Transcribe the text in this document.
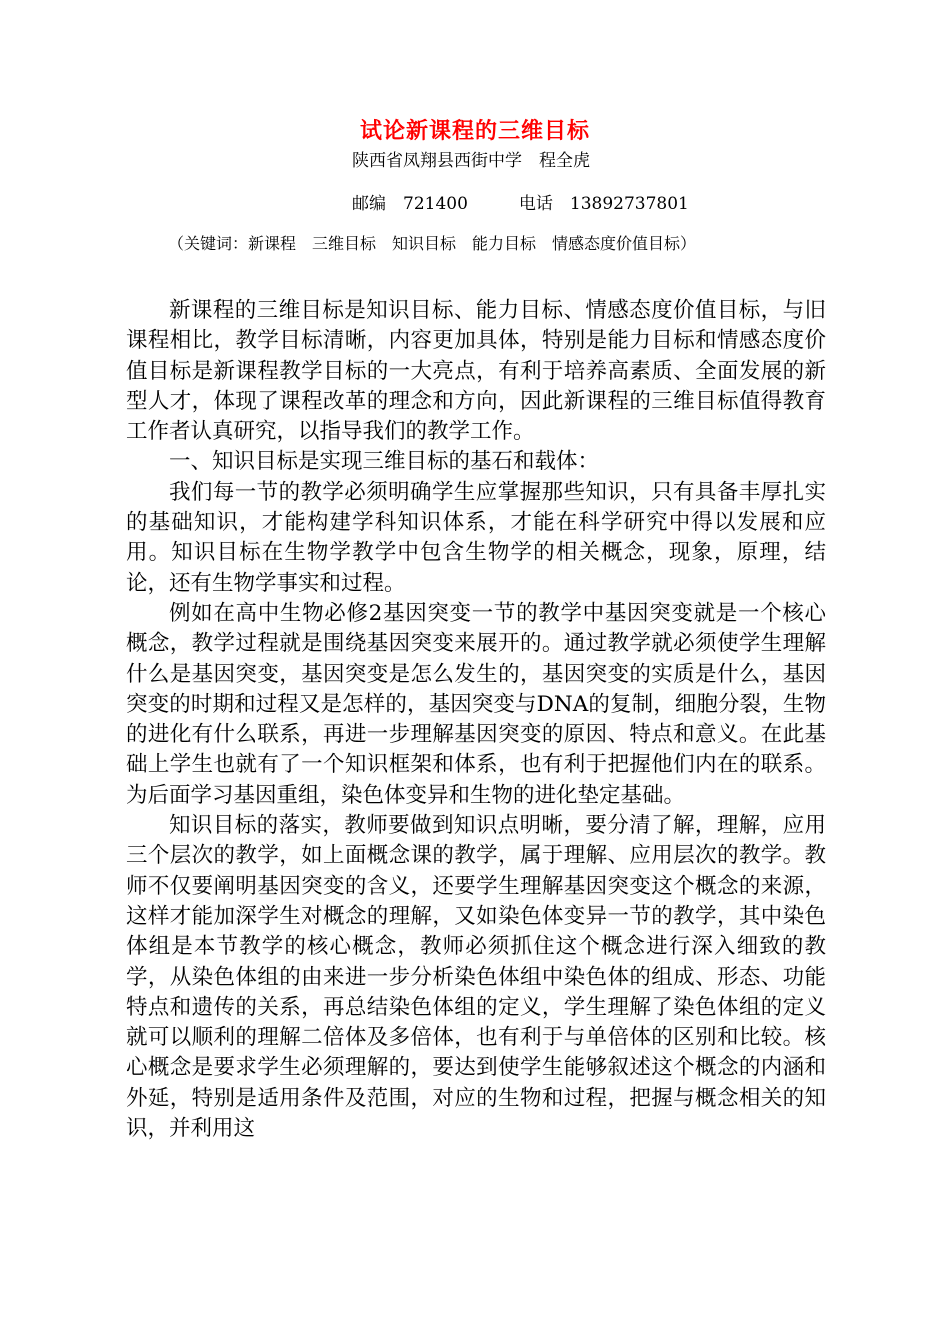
试论新课程的三维目标
陕西省凤翔县西街中学　程全虎
邮编　721400　　　电话　13892737801
（关键词：新课程　三维目标　知识目标　能力目标　情感态度价值目标）

新课程的三维目标是知识目标、能力目标、情感态度价值目标，与旧课程相比，教学目标清晰，内容更加具体，特别是能力目标和情感态度价值目标是新课程教学目标的一大亮点，有利于培养高素质、全面发展的新型人才，体现了课程改革的理念和方向，因此新课程的三维目标值得教育工作者认真研究，以指导我们的教学工作。

一、知识目标是实现三维目标的基石和载体：

我们每一节的教学必须明确学生应掌握那些知识，只有具备丰厚扎实的基础知识，才能构建学科知识体系，才能在科学研究中得以发展和应用。知识目标在生物学教学中包含生物学的相关概念，现象，原理，结论，还有生物学事实和过程。

例如在高中生物必修2基因突变一节的教学中基因突变就是一个核心概念，教学过程就是围绕基因突变来展开的。通过教学就必须使学生理解什么是基因突变，基因突变是怎么发生的，基因突变的实质是什么，基因突变的时期和过程又是怎样的，基因突变与DNA的复制，细胞分裂，生物的进化有什么联系，再进一步理解基因突变的原因、特点和意义。在此基础上学生也就有了一个知识框架和体系，也有利于把握他们内在的联系。为后面学习基因重组，染色体变异和生物的进化垫定基础。

知识目标的落实，教师要做到知识点明晰，要分清了解，理解，应用三个层次的教学，如上面概念课的教学，属于理解、应用层次的教学。教师不仅要阐明基因突变的含义，还要学生理解基因突变这个概念的来源，这样才能加深学生对概念的理解，又如染色体变异一节的教学，其中染色体组是本节教学的核心概念，教师必须抓住这个概念进行深入细致的教学，从染色体组的由来进一步分析染色体组中染色体的组成、形态、功能特点和遗传的关系，再总结染色体组的定义，学生理解了染色体组的定义就可以顺利的理解二倍体及多倍体，也有利于与单倍体的区别和比较。核心概念是要求学生必须理解的，要达到使学生能够叙述这个概念的内涵和外延，特别是适用条件及范围，对应的生物和过程，把握与概念相关的知识，并利用这
